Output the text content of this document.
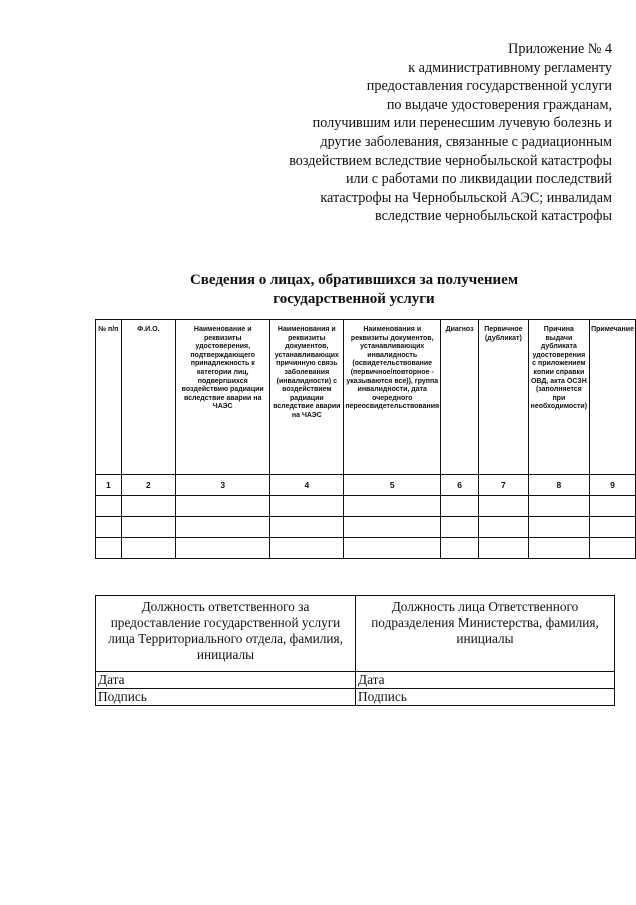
Приложение № 4
к административному регламенту
предоставления государственной услуги
по выдаче удостоверения гражданам,
получившим или перенесшим лучевую болезнь и
другие заболевания, связанные с радиационным
воздействием вследствие чернобыльской катастрофы
или с работами по ликвидации последствий
катастрофы на Чернобыльской АЭС; инвалидам
вследствие чернобыльской катастрофы
Сведения о лицах, обратившихся за получением
государственной услуги
№ п/п	Ф.И.О.	Наименование и реквизиты удостоверения, подтверждающего принадлежность к категории лиц, подвергшихся воздействию радиации вследствие аварии на ЧАЭС	Наименования и реквизиты документов, устанавливающих причинную связь заболевания (инвалидности) с воздействием радиации вследствие аварии на ЧАЭС	Наименования и реквизиты документов, устанавливающих инвалидность (освидетельствование (первичное/повторное - указываются все)), группа инвалидности, дата очередного переосвидетельствования	Диагноз	Первичное (дубликат)	Причина выдачи дубликата удостоверения с приложением копии справки ОВД, акта ОСЗН (заполняется при необходимости)	Примечание
1	2	3	4	5	6	7	8	9

Должность ответственного за предоставление государственной услуги лица Территориального отдела, фамилия, инициалы	Должность лица Ответственного подразделения Министерства, фамилия, инициалы
Дата	Дата
Подпись	Подпись
